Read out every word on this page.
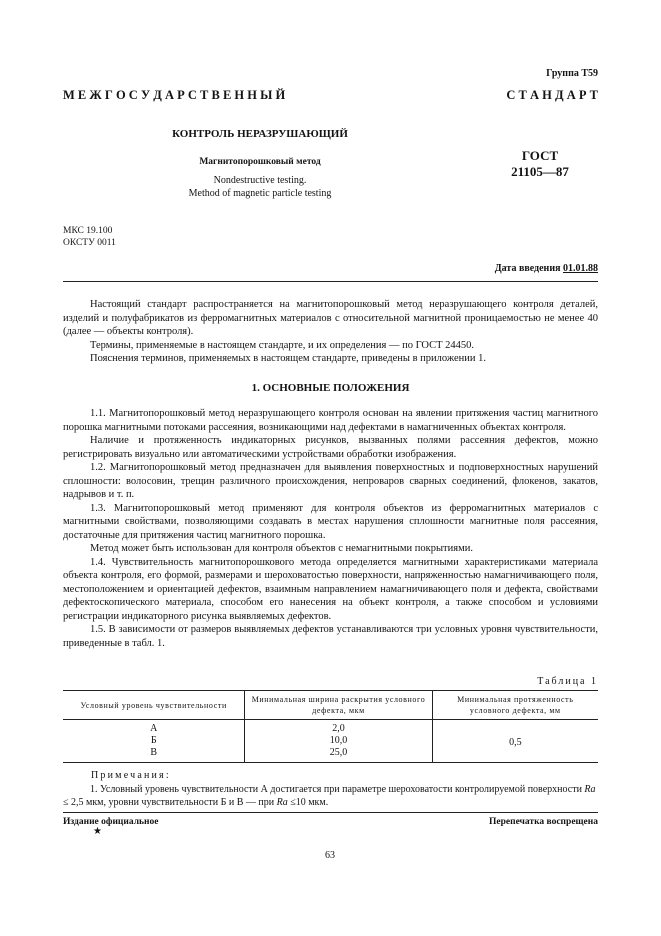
Группа Т59
М Е Ж Г О С У Д А Р С Т В Е Н Н Ы Й	С Т А Н Д А Р Т
КОНТРОЛЬ НЕРАЗРУШАЮЩИЙ
Магнитопорошковый метод
Nondestructive testing.
Method of magnetic particle testing
ГОСТ
21105—87
МКС 19.100
ОКСТУ 0011
Дата введения 01.01.88

Настоящий стандарт распространяется на магнитопорошковый метод неразрушающего контроля деталей, изделий и полуфабрикатов из ферромагнитных материалов с относительной магнитной проницаемостью не менее 40 (далее — объекты контроля).

Термины, применяемые в настоящем стандарте, и их определения — по ГОСТ 24450.

Пояснения терминов, применяемых в настоящем стандарте, приведены в приложении 1.

1. ОСНОВНЫЕ ПОЛОЖЕНИЯ

1.1. Магнитопорошковый метод неразрушающего контроля основан на явлении притяжения частиц магнитного порошка магнитными потоками рассеяния, возникающими над дефектами в намагниченных объектах контроля.

Наличие и протяженность индикаторных рисунков, вызванных полями рассеяния дефектов, можно регистрировать визуально или автоматическими устройствами обработки изображения.

1.2. Магнитопорошковый метод предназначен для выявления поверхностных и подповерхностных нарушений сплошности: волосовин, трещин различного происхождения, непроваров сварных соединений, флокенов, закатов, надрывов и т. п.

1.3. Магнитопорошковый метод применяют для контроля объектов из ферромагнитных материалов с магнитными свойствами, позволяющими создавать в местах нарушения сплошности магнитные поля рассеяния, достаточные для притяжения частиц магнитного порошка.

Метод может быть использован для контроля объектов с немагнитными покрытиями.

1.4. Чувствительность магнитопорошкового метода определяется магнитными характеристиками материала объекта контроля, его формой, размерами и шероховатостью поверхности, напряженностью намагничивающего поля, местоположением и ориентацией дефектов, взаимным направлением намагничивающего поля и дефекта, свойствами дефектоскопического материала, способом его нанесения на объект контроля, а также способом и условиями регистрации индикаторного рисунка выявляемых дефектов.

1.5. В зависимости от размеров выявляемых дефектов устанавливаются три условных уровня чувствительности, приведенные в табл. 1.

Таблица 1
Условный уровень чувствительности	Минимальная ширина раскрытия условного дефекта, мкм	Минимальная протяженность условного дефекта, мм
А	2,0	0,5
Б	10,0	
В	25,0	
Примечания:
1. Условный уровень чувствительности А достигается при параметре шероховатости контролируемой поверхности Ra ≤ 2,5 мкм, уровни чувствительности Б и В — при Ra ≤10 мкм.
Издание официальное	Перепечатка воспрещена
★
63
